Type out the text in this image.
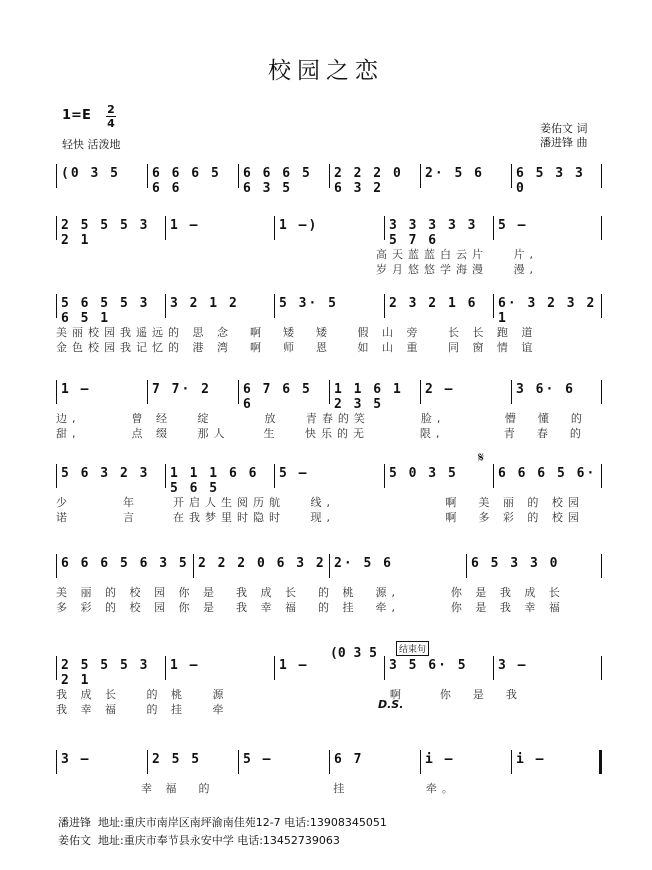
校园之恋
1=E 2
4
轻快 活泼地
姜佑文 词
潘进锋 曲
(0 3 5 6 6 6 5 6 6
6 6 6 5 6 3 5
2 2 2 0 6 3 2
2· 5 6 6 5 3 3 0
2 5 5 5 3 2 1
1 –	1 –)	3 3 3 3 3 5 7 6
5 –
高天蓝蓝白云片   片,
岁月悠悠学海漫   漫,
5 6 5 5 3 6 5 1
3 2 1 2	5 3· 5	2 3 2 1 6 6· 3 2 3 2 1
美丽校园我遥远的 思 念  啊  矮  矮   假 山 旁   长 长 跑 道
金色校园我记忆的 港 湾  啊  师  恩   如 山 重   同 窗 情 谊
1 –	7 7· 2 6 7 6 5 6
1 1 6 1 2 3 5
2 –	3 6· 6
边,      曾 经   绽      放   青春的笑      脸,       懵  懂  的
甜,      点 缀   那人    生   快乐的无      限,       青  春  的
5 6 3 2 3 1 1 1 6 6 5 6 5
5 –	5 0 3 5	6 6 6 5 6·
少      年    开启人生阅历航   线,             啊  美 丽 的 校园
诺      言    在我梦里时隐时   现,             啊  多 彩 的 校园
6 6 6 5 6 3 5 2 2 2 0 6 3 2 2· 5 6	6 5 3 3 0
美 丽 的 校 园 你 是  我 成 长  的 桃  源,      你 是 我 成 长
多 彩 的 校 园 你 是  我 幸 福  的 挂  牵,      你 是 我 幸 福
2 5 5 5 3 2 1
1 –	1 –	3 5 6· 5 3 –
我 成 长   的 桃   源                   啊    你  是  我
我 幸 福   的 挂   牵
3 –	2 5 5	5 –	6 7	i –	i –
幸 福  的              挂         牵。
(0 3 5	结束句
D.S.
𝄋
潘进锋 地址:重庆市南岸区南坪渝南佳苑12-7 电话:13908345051
姜佑文 地址:重庆市奉节县永安中学 电话:13452739063
